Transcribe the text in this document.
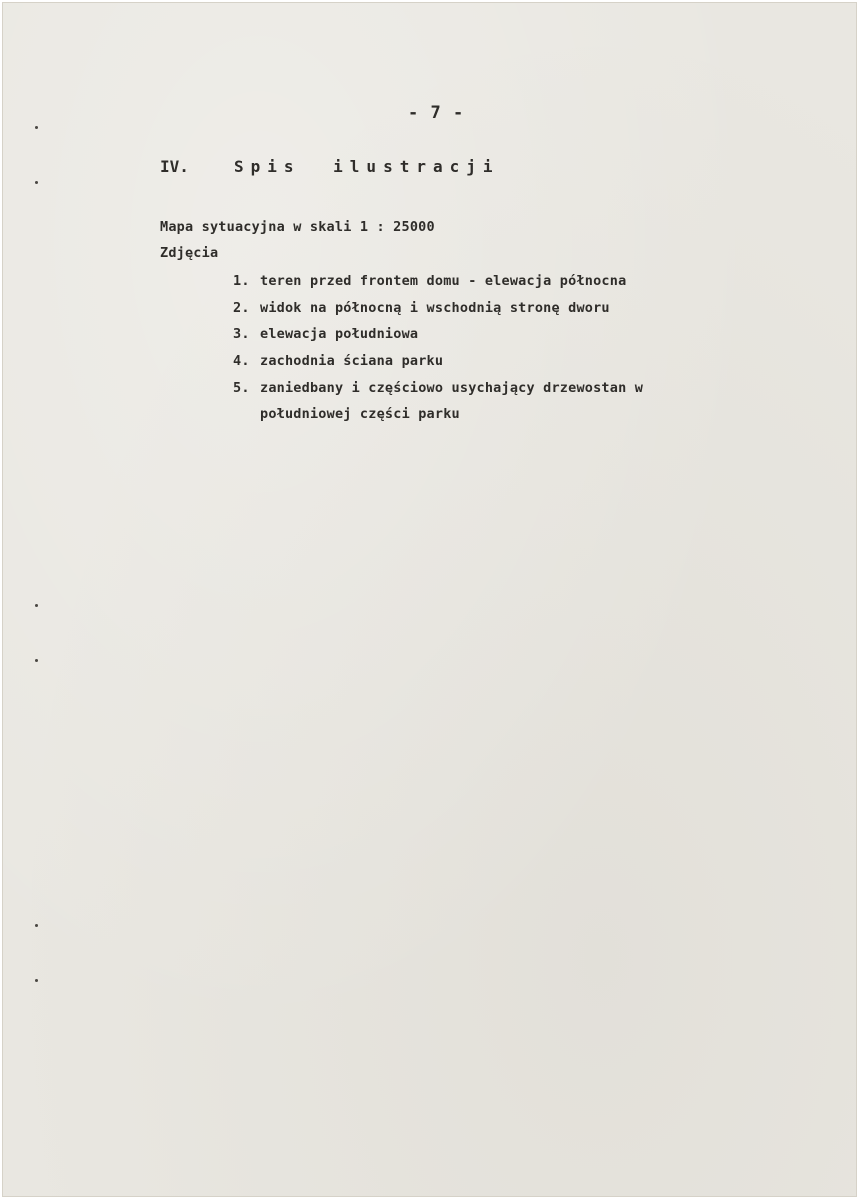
- 7 -
IV.	Spis ilustracji
Mapa sytuacyjna w skali 1 : 25000
Zdjęcia
1. teren przed frontem domu - elewacja północna
2. widok na północną i wschodnią stronę dworu
3. elewacja południowa
4. zachodnia ściana parku
5. zaniedbany i częściowo usychający drzewostan w
południowej części parku
